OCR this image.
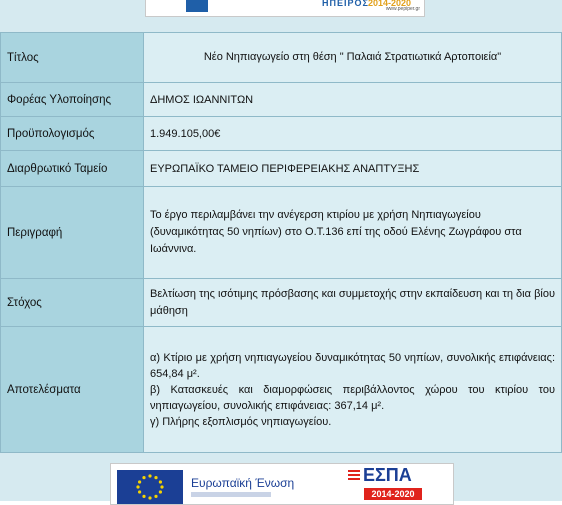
ΗΠΕΙΡΟΣ 2014-2020
www.pepiper.gr
Τίτλος	Νέο Νηπιαγωγείο στη θέση " Παλαιά Στρατιωτικά Αρτοποιεία"
Φορέας Υλοποίησης	ΔΗΜΟΣ ΙΩΑΝΝΙΤΩΝ
Προϋπολογισμός	1.949.105,00€
Διαρθρωτικό Ταμείο	ΕΥΡΩΠΑΪΚΟ ΤΑΜΕΙΟ ΠΕΡΙΦΕΡΕΙΑΚΗΣ ΑΝΑΠΤΥΞΗΣ
Περιγραφή	Το έργο περιλαμβάνει την ανέγερση κτιρίου με χρήση Νηπιαγωγείου (δυναμικότητας 50 νηπίων) στο Ο.Τ.136 επί της οδού Ελένης Ζωγράφου στα Ιωάννινα.

Στόχος	Βελτίωση της ισότιμης πρόσβασης και συμμετοχής στην εκπαίδευση και τη δια βίου μάθηση

Αποτελέσματα	α) Κτίριο με χρήση νηπιαγωγείου δυναμικότητας 50 νηπίων, συνολικής επιφάνειας: 654,84 μ².

β) Κατασκευές και διαμορφώσεις περιβάλλοντος χώρου του κτιρίου του νηπιαγωγείου, συνολικής επιφάνειας: 367,14 μ².

γ) Πλήρης εξοπλισμός νηπιαγωγείου.

Ευρωπαϊκή Ένωση	ΕΣΠΑ
2014-2020
